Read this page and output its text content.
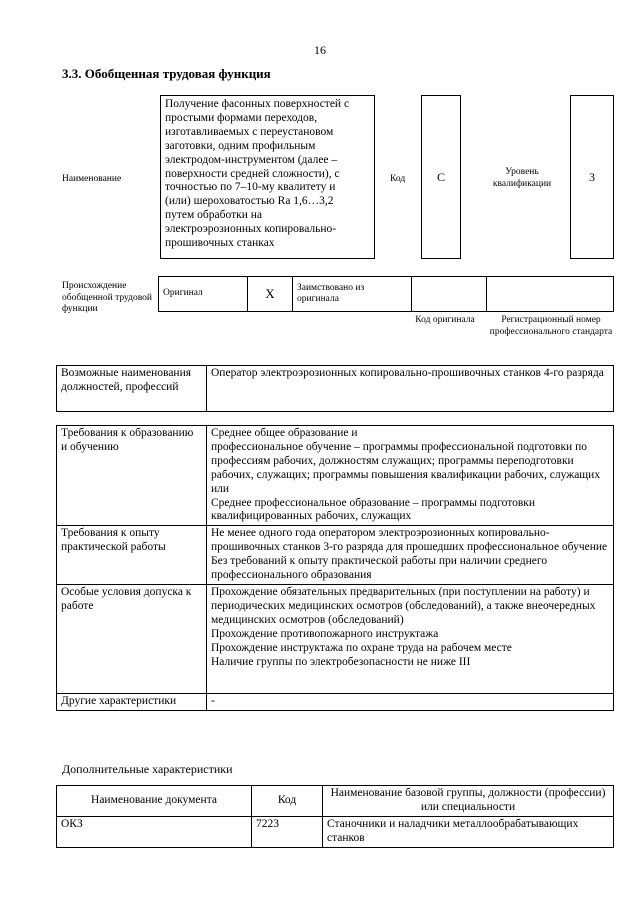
16
3.3. Обобщенная трудовая функция
Наименование
Получение фасонных поверхностей с
простыми формами переходов,
изготавливаемых с переустановом
заготовки, одним профильным
электродом-инструментом (далее –
поверхности средней сложности), с
точностью по 7–10-му квалитету и
(или) шероховатостью Ra 1,6…3,2
путем обработки на
электроэрозионных копировально-
прошивочных станках
Код	C	Уровень квалификации	3
Происхождение обобщенной трудовой функции
Оригинал	X	Заимствовано из оригинала		
Код оригинала	Регистрационный номер профессионального стандарта
Возможные наименования должностей, профессий	Оператор электроэрозионных копировально-прошивочных станков 4-го разряда
Требования к образованию и обучению	Среднее общее образование и
профессиональное обучение – программы профессиональной подготовки по профессиям рабочих, должностям служащих; программы переподготовки рабочих, служащих; программы повышения квалификации рабочих, служащих
или
Среднее профессиональное образование – программы подготовки квалифицированных рабочих, служащих

Требования к опыту практической работы	Не менее одного года оператором электроэрозионных копировально-прошивочных станков 3-го разряда для прошедших профессиональное обучение
Без требований к опыту практической работы при наличии среднего профессионального образования

Особые условия допуска к работе	Прохождение обязательных предварительных (при поступлении на работу) и периодических медицинских осмотров (обследований), а также внеочередных медицинских осмотров (обследований)
Прохождение противопожарного инструктажа
Прохождение инструктажа по охране труда на рабочем месте
Наличие группы по электробезопасности не ниже III

Другие характеристики	-
Дополнительные характеристики
Наименование документа	Код	Наименование базовой группы, должности (профессии) или специальности
ОКЗ	7223	Станочники и наладчики металлообрабатывающих станков
